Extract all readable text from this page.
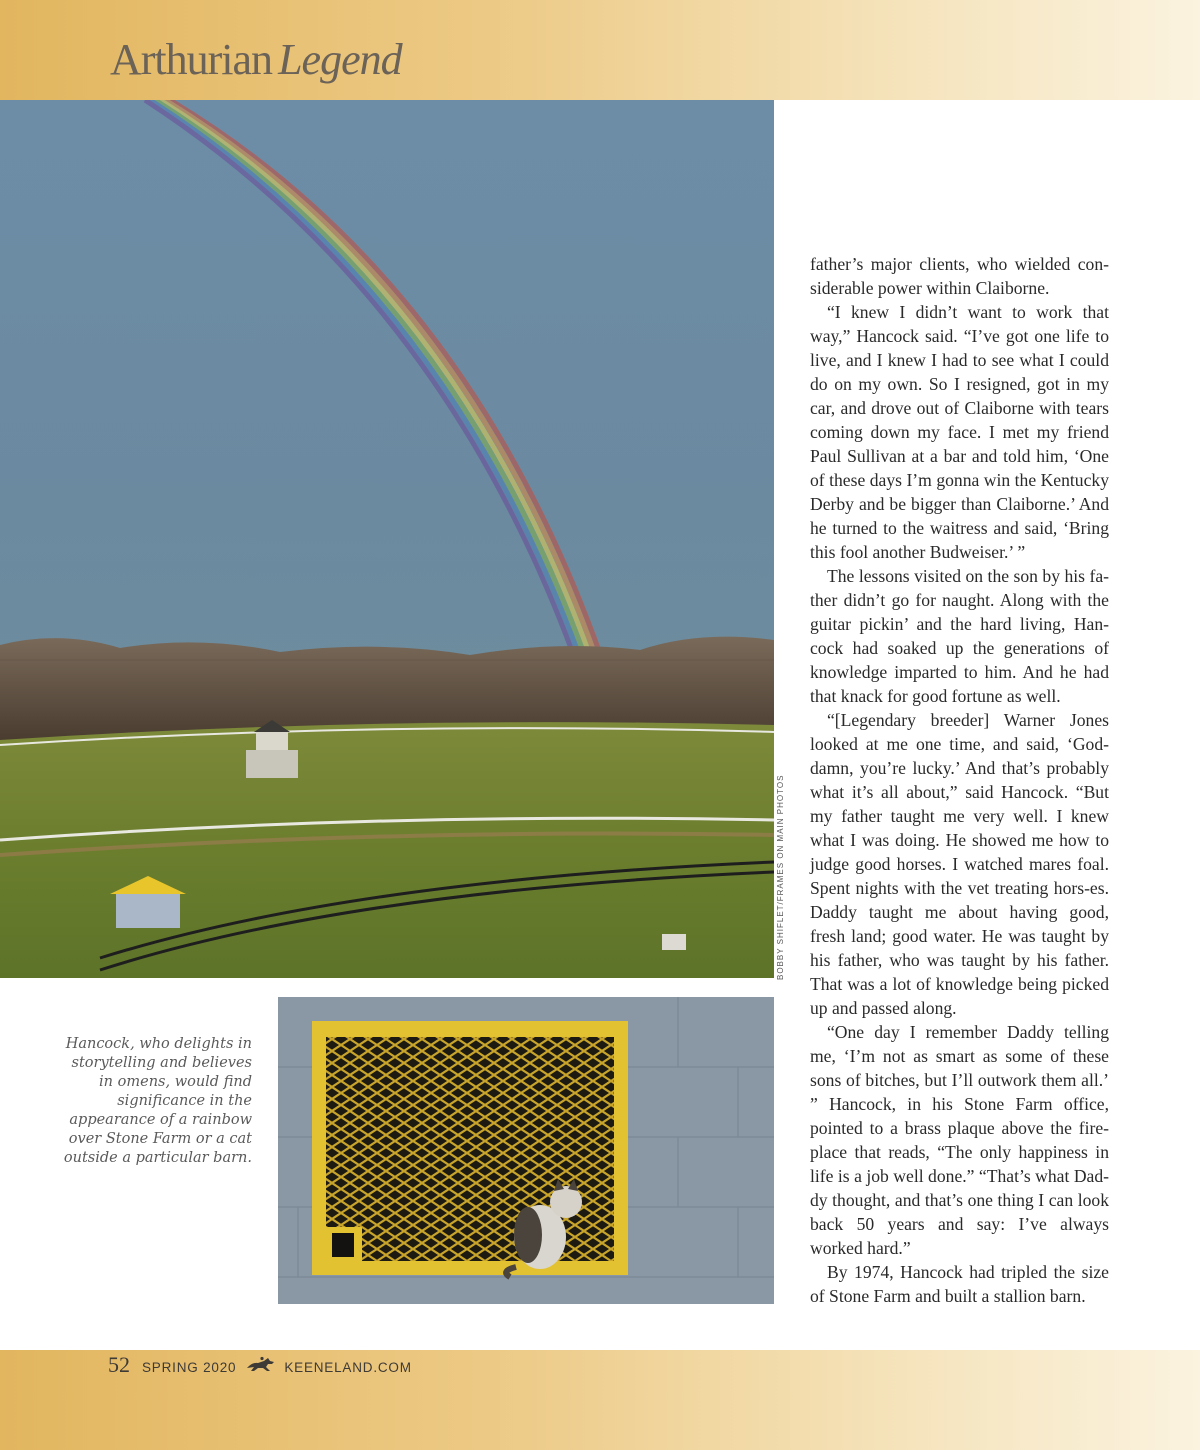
Arthurian Legend
BOBBY SHIFLET/FRAMES ON MAIN PHOTOS
Hancock, who delights in storytelling and believes in omens, would find significance in the appearance of a rainbow over Stone Farm or a cat outside a particular barn.

father’s major clients, who wielded con-siderable power within Claiborne.

“I knew I didn’t want to work that way,” Hancock said. “I’ve got one life to live, and I knew I had to see what I could do on my own. So I resigned, got in my car, and drove out of Claiborne with tears coming down my face. I met my friend Paul Sullivan at a bar and told him, ‘One of these days I’m gonna win the Kentucky Derby and be bigger than Claiborne.’ And he turned to the waitress and said, ‘Bring this fool another Budweiser.’ ”

The lessons visited on the son by his fa-ther didn’t go for naught. Along with the guitar pickin’ and the hard living, Han-cock had soaked up the generations of knowledge imparted to him. And he had that knack for good fortune as well.

“[Legendary breeder] Warner Jones looked at me one time, and said, ‘God-damn, you’re lucky.’ And that’s probably what it’s all about,” said Hancock. “But my father taught me very well. I knew what I was doing. He showed me how to judge good horses. I watched mares foal. Spent nights with the vet treating hors-es. Daddy taught me about having good, fresh land; good water. He was taught by his father, who was taught by his father. That was a lot of knowledge being picked up and passed along.

“One day I remember Daddy telling me, ‘I’m not as smart as some of these sons of bitches, but I’ll outwork them all.’ ” Hancock, in his Stone Farm office, pointed to a brass plaque above the fire-place that reads, “The only happiness in life is a job well done.” “That’s what Dad-dy thought, and that’s one thing I can look back 50 years and say: I’ve always worked hard.”

By 1974, Hancock had tripled the size of Stone Farm and built a stallion barn.

52 SPRING 2020	KEENELAND.COM
